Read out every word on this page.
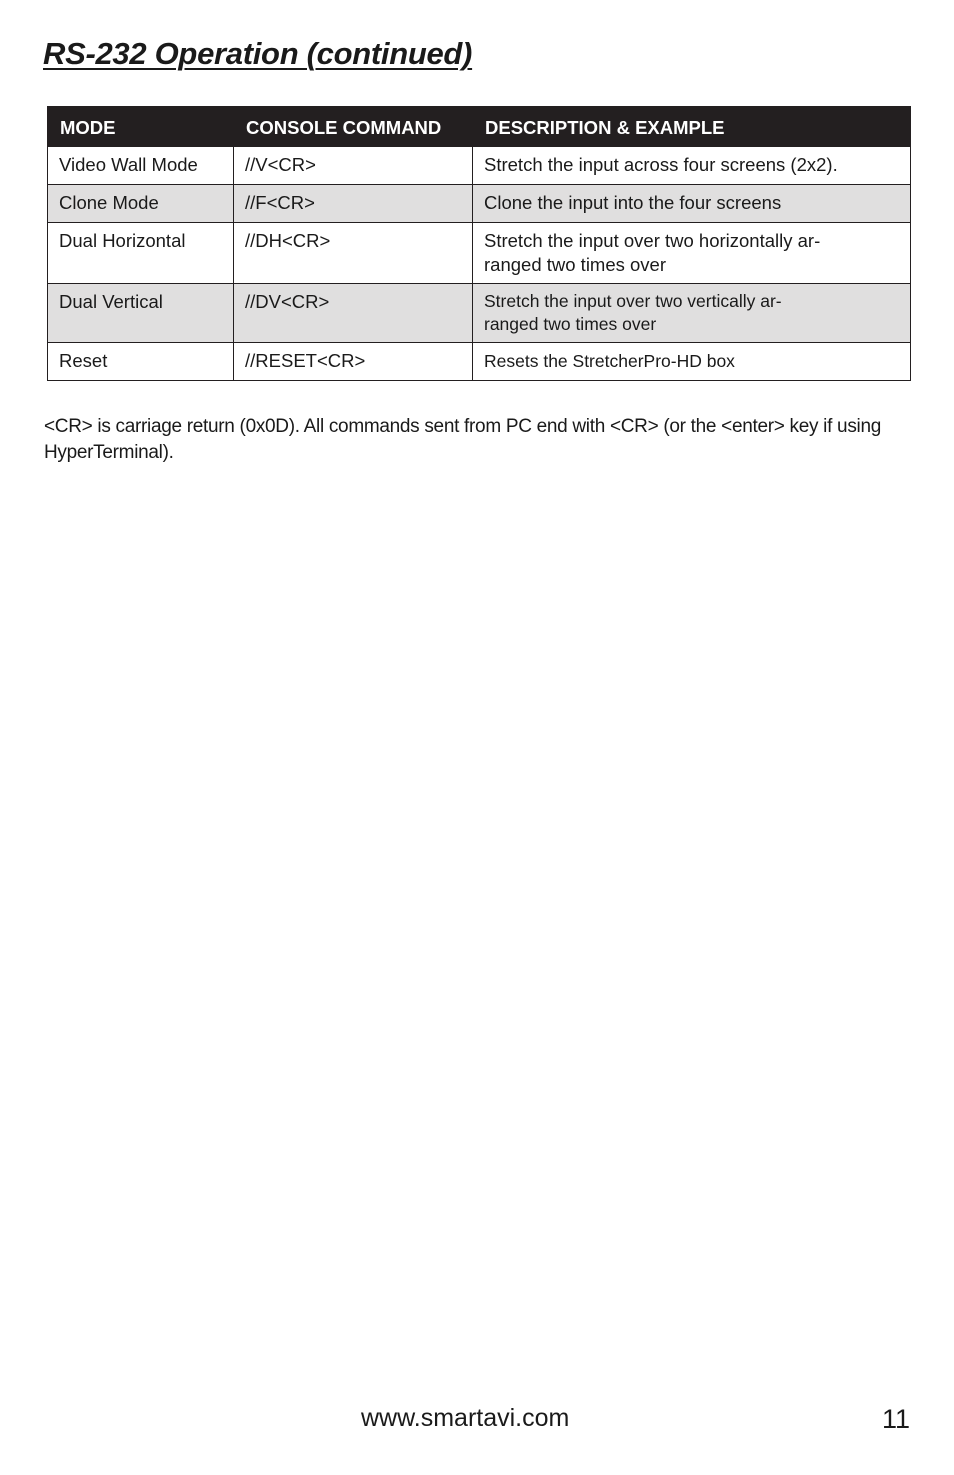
RS-232 Operation (continued)
MODE	CONSOLE COMMAND	DESCRIPTION & EXAMPLE
Video Wall Mode	//V<CR>	Stretch the input across four screens (2x2).
Clone Mode	//F<CR>	Clone the input into the four screens
Dual Horizontal	//DH<CR>	Stretch the input over two horizontally ar-
ranged two times over
Dual Vertical	//DV<CR>	Stretch the input over two vertically ar-
ranged two times over
Reset	//RESET<CR>	Resets the StretcherPro-HD box

<CR> is carriage return (0x0D). All commands sent from PC end with <CR> (or the <enter> key if using HyperTerminal).

www.smartavi.com	11
